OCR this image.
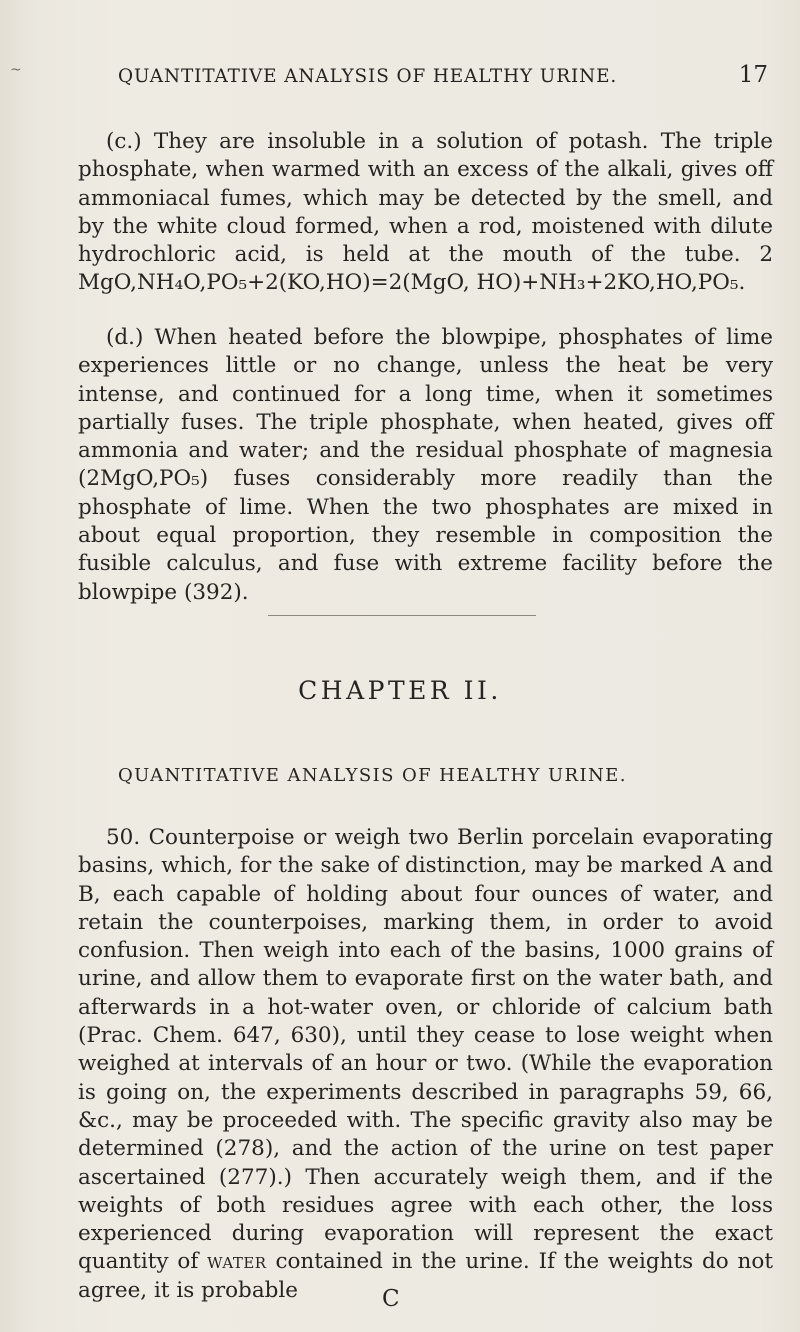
~	QUANTITATIVE ANALYSIS OF HEALTHY URINE.	17

(c.) They are insoluble in a solution of potash. The triple phosphate, when warmed with an excess of the alkali, gives off ammoniacal fumes, which may be detected by the smell, and by the white cloud formed, when a rod, moistened with dilute hydrochloric acid, is held at the mouth of the tube. 2 MgO,NH₄O,PO₅+2(KO,HO)=2(MgO, HO)+NH₃+2KO,HO,PO₅.

(d.) When heated before the blowpipe, phosphates of lime experiences little or no change, unless the heat be very intense, and continued for a long time, when it sometimes partially fuses. The triple phosphate, when heated, gives off ammonia and water; and the residual phosphate of magnesia (2MgO,PO₅) fuses considerably more readily than the phosphate of lime. When the two phosphates are mixed in about equal proportion, they resemble in composition the fusible calculus, and fuse with extreme facility before the blowpipe (392).

CHAPTER II.
QUANTITATIVE ANALYSIS OF HEALTHY URINE.

50. Counterpoise or weigh two Berlin porcelain evaporating basins, which, for the sake of distinction, may be marked A and B, each capable of holding about four ounces of water, and retain the counterpoises, marking them, in order to avoid confusion. Then weigh into each of the basins, 1000 grains of urine, and allow them to evaporate first on the water bath, and afterwards in a hot-water oven, or chloride of calcium bath (Prac. Chem. 647, 630), until they cease to lose weight when weighed at intervals of an hour or two. (While the evaporation is going on, the experiments described in paragraphs 59, 66, &c., may be proceeded with. The specific gravity also may be determined (278), and the action of the urine on test paper ascertained (277).) Then accurately weigh them, and if the weights of both residues agree with each other, the loss experienced during evaporation will represent the exact quantity of water contained in the urine. If the weights do not agree, it is probable	C
